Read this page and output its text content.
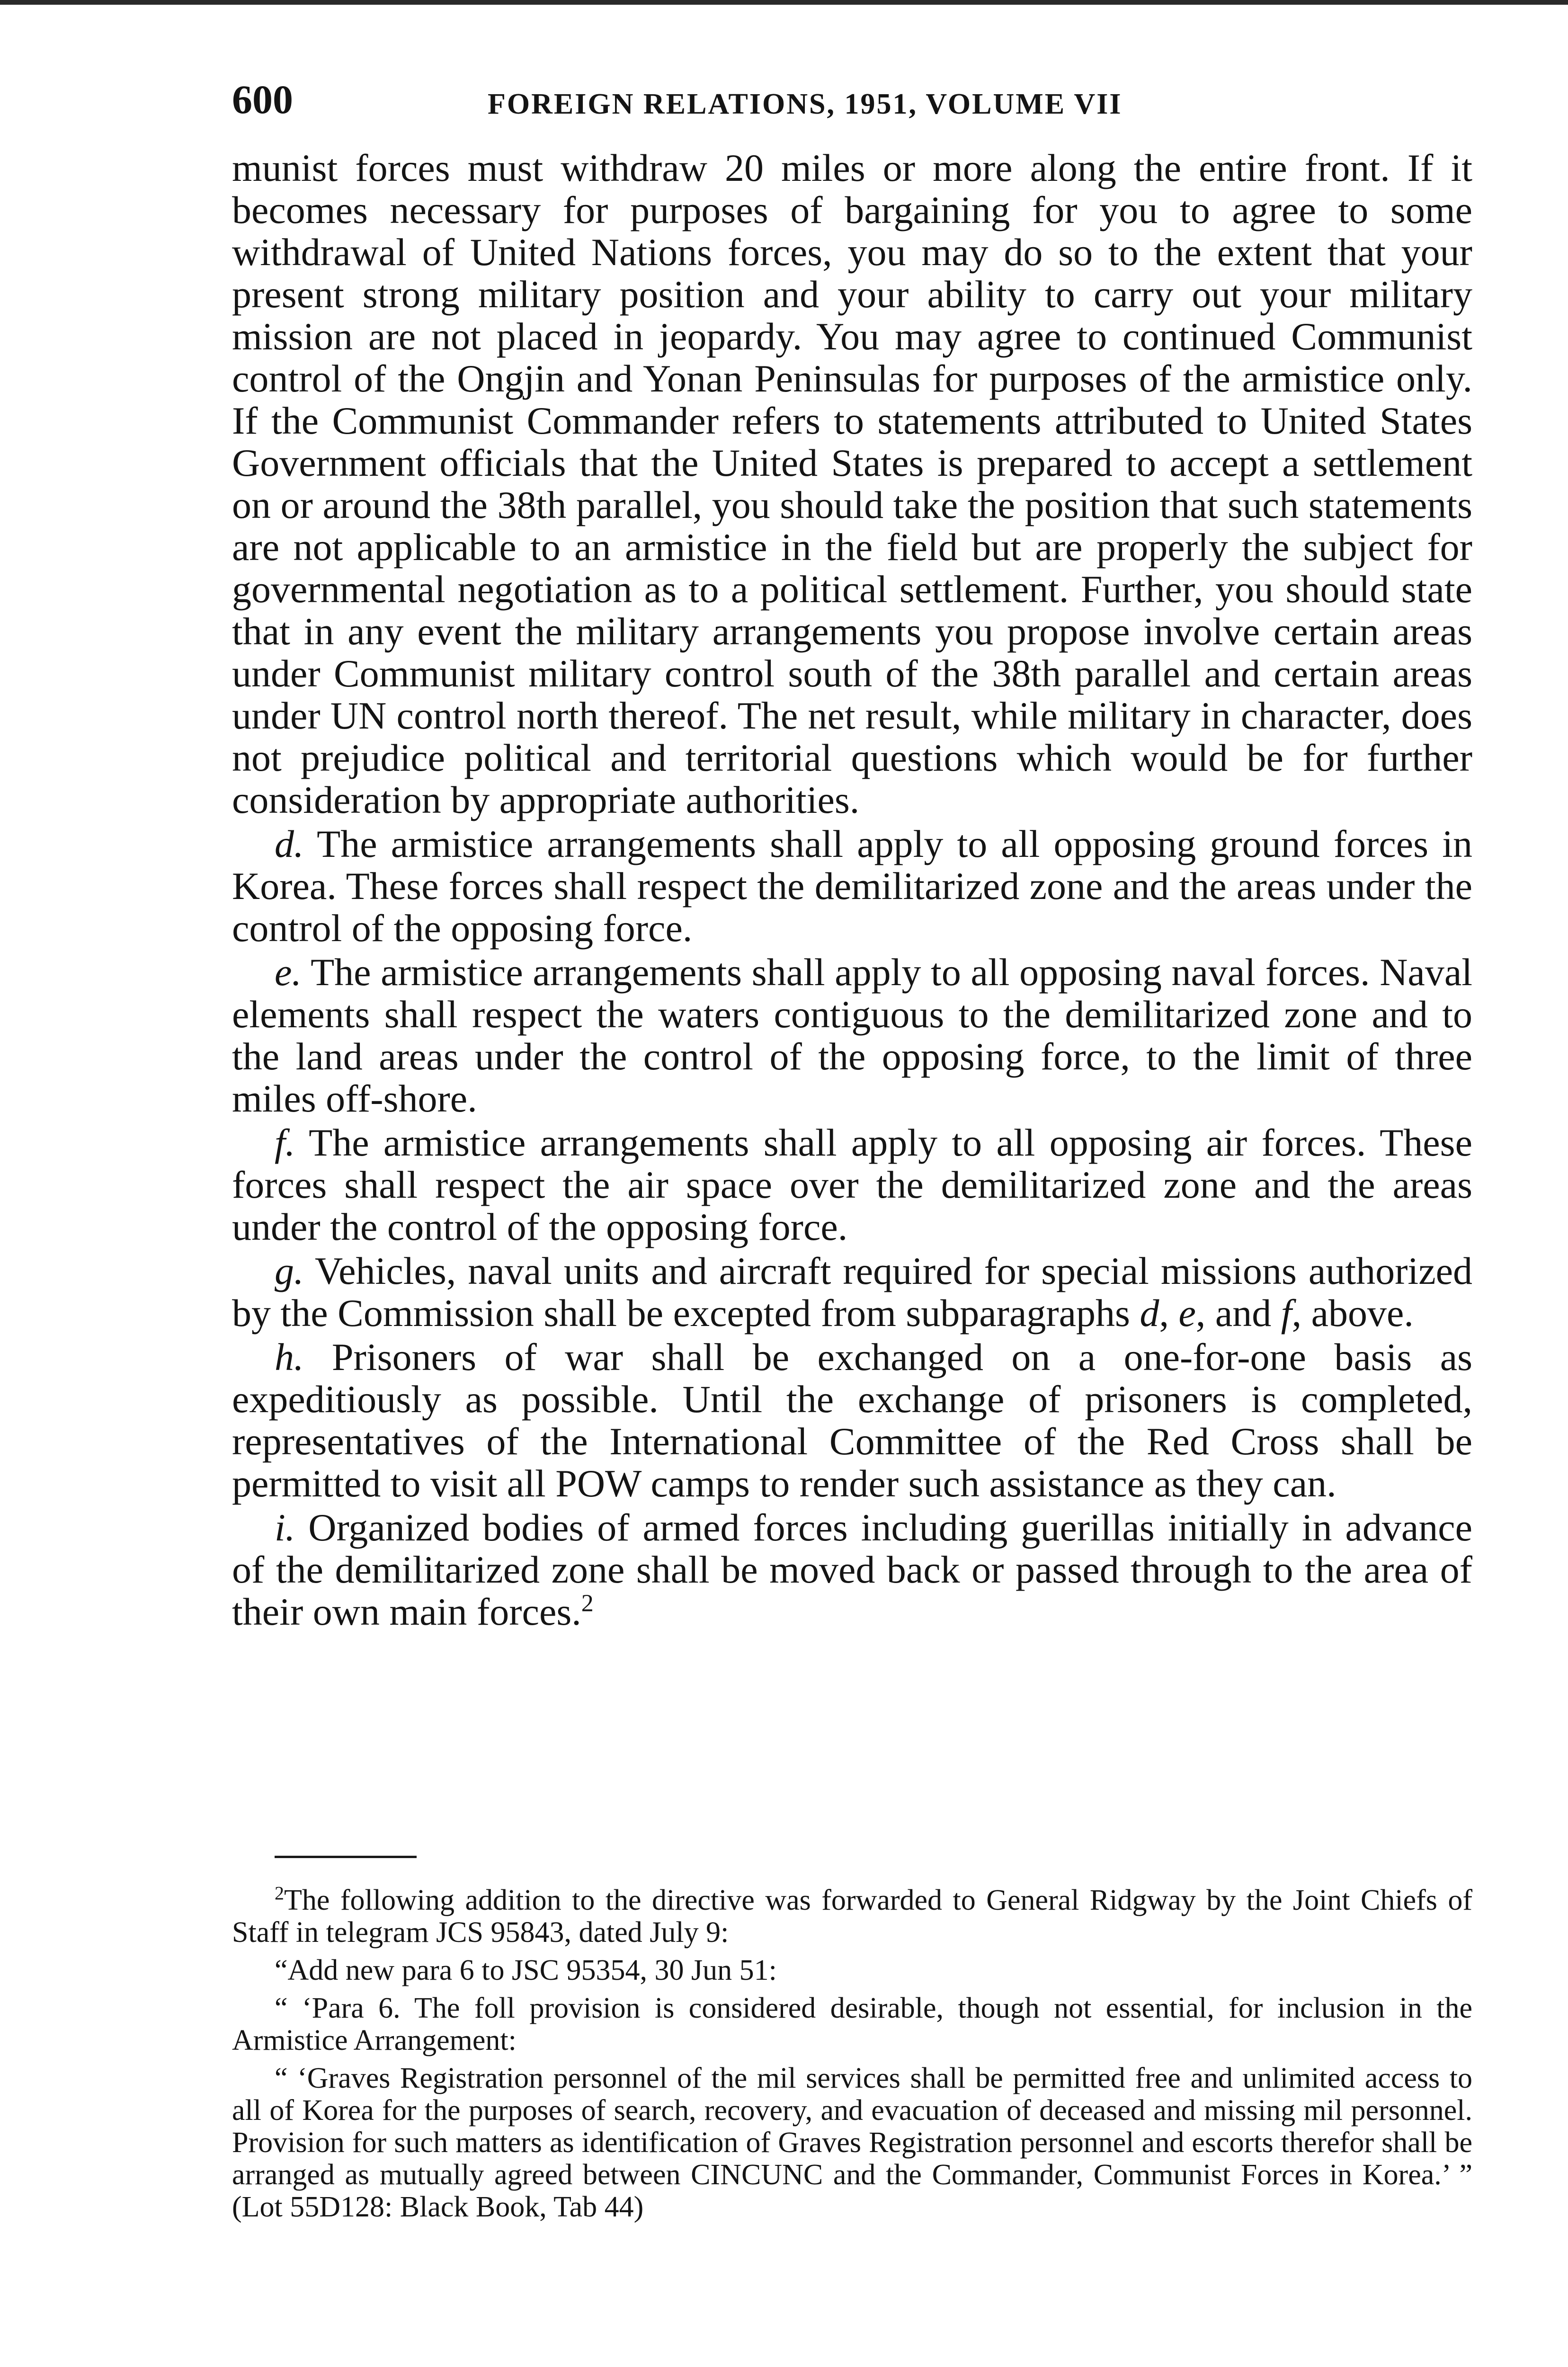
600	FOREIGN RELATIONS, 1951, VOLUME VII

munist forces must withdraw 20 miles or more along the entire front. If it becomes necessary for purposes of bargaining for you to agree to some withdrawal of United Nations forces, you may do so to the extent that your present strong military position and your ability to carry out your military mission are not placed in jeopardy. You may agree to continued Communist control of the Ongjin and Yonan Peninsulas for purposes of the armistice only. If the Communist Commander refers to statements attributed to United States Government officials that the United States is prepared to accept a settlement on or around the 38th parallel, you should take the position that such statements are not applicable to an armistice in the field but are properly the subject for governmental negotiation as to a political settlement. Further, you should state that in any event the military arrangements you propose involve certain areas under Communist military control south of the 38th parallel and certain areas under UN control north thereof. The net result, while military in character, does not prejudice political and territorial questions which would be for further consideration by appropriate authorities.

d. The armistice arrangements shall apply to all opposing ground forces in Korea. These forces shall respect the demilitarized zone and the areas under the control of the opposing force.

e. The armistice arrangements shall apply to all opposing naval forces. Naval elements shall respect the waters contiguous to the demilitarized zone and to the land areas under the control of the opposing force, to the limit of three miles off-shore.

f. The armistice arrangements shall apply to all opposing air forces. These forces shall respect the air space over the demilitarized zone and the areas under the control of the opposing force.

g. Vehicles, naval units and aircraft required for special missions authorized by the Commission shall be excepted from subparagraphs d, e, and f, above.

h. Prisoners of war shall be exchanged on a one-for-one basis as expeditiously as possible. Until the exchange of prisoners is completed, representatives of the International Committee of the Red Cross shall be permitted to visit all POW camps to render such assistance as they can.

i. Organized bodies of armed forces including guerillas initially in advance of the demilitarized zone shall be moved back or passed through to the area of their own main forces.$^2$

$^2$The following addition to the directive was forwarded to General Ridgway by the Joint Chiefs of Staff in telegram JCS 95843, dated July 9:

“Add new para 6 to JSC 95354, 30 Jun 51:

“ ‘Para 6. The foll provision is considered desirable, though not essential, for inclusion in the Armistice Arrangement:

“ ‘Graves Registration personnel of the mil services shall be permitted free and unlimited access to all of Korea for the purposes of search, recovery, and evacuation of deceased and missing mil personnel. Provision for such matters as identification of Graves Registration personnel and escorts therefor shall be arranged as mutually agreed between CINCUNC and the Commander, Communist Forces in Korea.’ ” (Lot 55D128: Black Book, Tab 44)
